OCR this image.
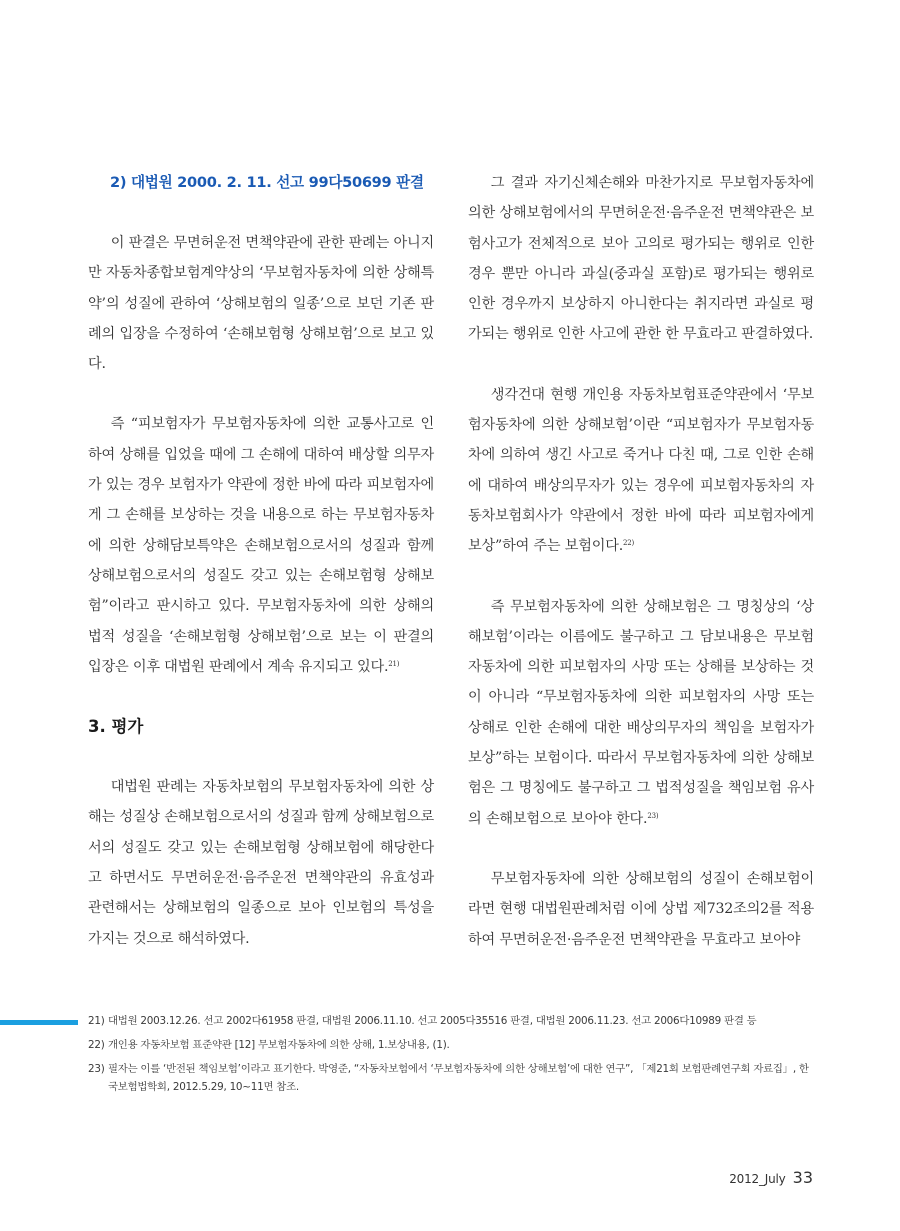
2) 대법원 2000. 2. 11. 선고 99다50699 판결

이 판결은 무면허운전 면책약관에 관한 판례는 아니지만 자동차종합보험계약상의 ‘무보험자동차에 의한 상해특약’의 성질에 관하여 ‘상해보험의 일종’으로 보던 기존 판례의 입장을 수정하여 ‘손해보험형 상해보험’으로 보고 있다.

즉 “피보험자가 무보험자동차에 의한 교통사고로 인하여 상해를 입었을 때에 그 손해에 대하여 배상할 의무자가 있는 경우 보험자가 약관에 정한 바에 따라 피보험자에게 그 손해를 보상하는 것을 내용으로 하는 무보험자동차에 의한 상해담보특약은 손해보험으로서의 성질과 함께 상해보험으로서의 성질도 갖고 있는 손해보험형 상해보험”이라고 판시하고 있다. 무보험자동차에 의한 상해의 법적 성질을 ‘손해보험형 상해보험’으로 보는 이 판결의 입장은 이후 대법원 판례에서 계속 유지되고 있다.$^{21)}$

3. 평가

대법원 판례는 자동차보험의 무보험자동차에 의한 상해는 성질상 손해보험으로서의 성질과 함께 상해보험으로서의 성질도 갖고 있는 손해보험형 상해보험에 해당한다고 하면서도 무면허운전·음주운전 면책약관의 유효성과 관련해서는 상해보험의 일종으로 보아 인보험의 특성을 가지는 것으로 해석하였다.

그 결과 자기신체손해와 마찬가지로 무보험자동차에 의한 상해보험에서의 무면허운전·음주운전 면책약관은 보험사고가 전체적으로 보아 고의로 평가되는 행위로 인한 경우 뿐만 아니라 과실(중과실 포함)로 평가되는 행위로 인한 경우까지 보상하지 아니한다는 취지라면 과실로 평가되는 행위로 인한 사고에 관한 한 무효라고 판결하였다.

생각건대 현행 개인용 자동차보험표준약관에서 ‘무보험자동차에 의한 상해보험’이란 “피보험자가 무보험자동차에 의하여 생긴 사고로 죽거나 다친 때, 그로 인한 손해에 대하여 배상의무자가 있는 경우에 피보험자동차의 자동차보험회사가 약관에서 정한 바에 따라 피보험자에게 보상”하여 주는 보험이다.$^{22)}$

즉 무보험자동차에 의한 상해보험은 그 명칭상의 ‘상해보험’이라는 이름에도 불구하고 그 담보내용은 무보험자동차에 의한 피보험자의 사망 또는 상해를 보상하는 것이 아니라 “무보험자동차에 의한 피보험자의 사망 또는 상해로 인한 손해에 대한 배상의무자의 책임을 보험자가 보상”하는 보험이다. 따라서 무보험자동차에 의한 상해보험은 그 명칭에도 불구하고 그 법적성질을 책임보험 유사의 손해보험으로 보아야 한다.$^{23)}$

무보험자동차에 의한 상해보험의 성질이 손해보험이라면 현행 대법원판례처럼 이에 상법 제732조의2를 적용하여 무면허운전·음주운전 면책약관을 무효라고 보아야

21) 대법원 2003.12.26. 선고 2002다61958 판결, 대법원 2006.11.10. 선고 2005다35516 판결, 대법원 2006.11.23. 선고 2006다10989 판결 등
22) 개인용 자동차보험 표준약관 [12] 무보험자동차에 의한 상해, 1.보상내용, (1).
23) 필자는 이를 ‘반전된 책임보험’이라고 표기한다. 박영준, “자동차보험에서 ‘무보험자동차에 의한 상해보험’에 대한 연구”, 「제21회 보험판례연구회 자료집」, 한국보험법학회, 2012.5.29, 10~11면 참조.
2012_July 33
